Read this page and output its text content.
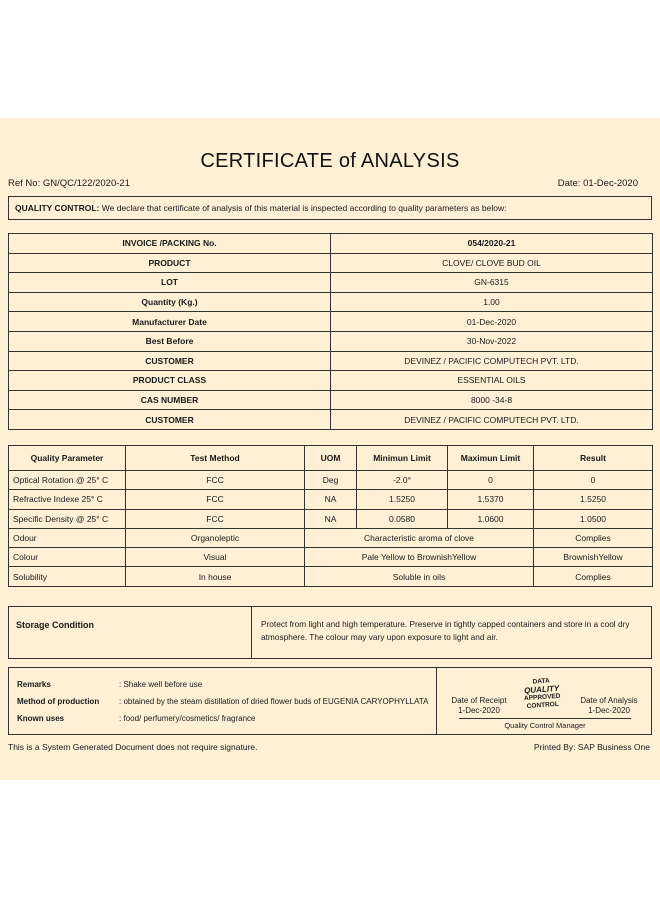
CERTIFICATE of ANALYSIS
Ref No: GN/QC/122/2020-21	Date: 01-Dec-2020
QUALITY CONTROL: We declare that certificate of analysis of this material is inspected according to quality parameters as below:
INVOICE /PACKING No.	054/2020-21
PRODUCT	CLOVE/ CLOVE BUD OIL
LOT	GN-6315
Quantity (Kg.)	1.00
Manufacturer Date	01-Dec-2020
Best Before	30-Nov-2022
CUSTOMER	DEVINEZ / PACIFIC COMPUTECH PVT. LTD.
PRODUCT CLASS	ESSENTIAL OILS
CAS NUMBER	8000 -34-8
CUSTOMER	DEVINEZ / PACIFIC COMPUTECH PVT. LTD.
Quality Parameter	Test Method	UOM	Minimun Limit	Maximun Limit	Result
Optical Rotation @ 25° C	FCC	Deg	-2.0°	0	0
Refractive Indexe 25° C	FCC	NA	1.5250	1.5370	1.5250
Specific Density @ 25° C	FCC	NA	0.0580	1.0600	1.0500
Odour	Organoleptic	Characteristic aroma of clove			Complies
Colour	Visual	Pale Yellow to BrownishYellow			BrownishYellow
Solubility	In house	Soluble in oils			Complies
Storage Condition	Protect from light and high temperature. Preserve in tightly capped containers and store in a cool dry atmosphere. The colour may vary upon exposure to light and air.
Remarks	: Shake well before use
Method of production : obtained by the steam distillation of dried flower buds of EUGENIA CARYOPHYLLATA
Known uses	: food/ perfumery/cosmetics/ fragrance
Date of Receipt
1-Dec-2020
DATA
QUALITY
APPROVED
CONTROL
Date of Analysis
1-Dec-2020
Quality Control Manager
This is a System Generated Document does not require signature.	Printed By: SAP Business One
